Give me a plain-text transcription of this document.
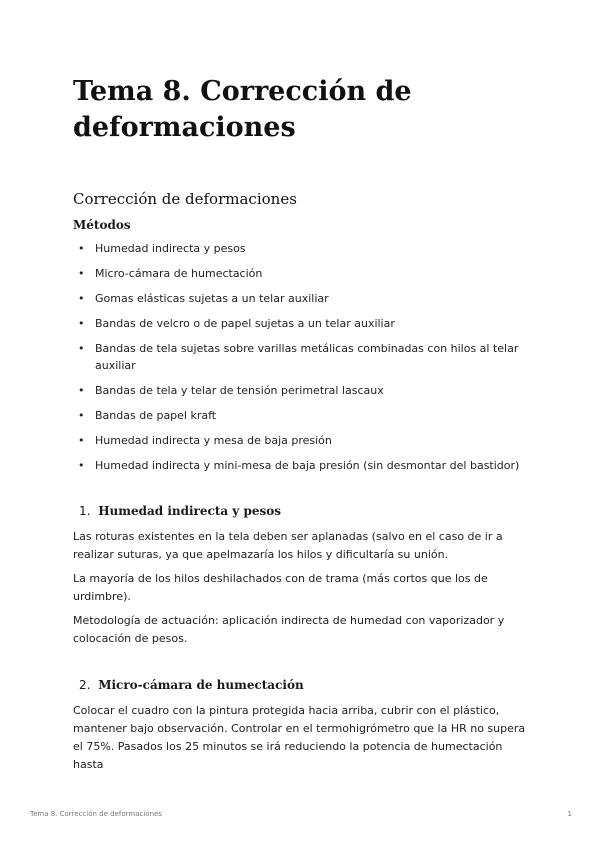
Tema 8. Corrección de deformaciones
Corrección de deformaciones
Métodos
• Humedad indirecta y pesos
• Micro-cámara de humectación
• Gomas elásticas sujetas a un telar auxiliar
• Bandas de velcro o de papel sujetas a un telar auxiliar
• Bandas de tela sujetas sobre varillas metálicas combinadas con hilos al telar auxiliar
• Bandas de tela y telar de tensión perimetral lascaux
• Bandas de papel kraft
• Humedad indirecta y mesa de baja presión
• Humedad indirecta y mini-mesa de baja presión (sin desmontar del bastidor)
1. Humedad indirecta y pesos

Las roturas existentes en la tela deben ser aplanadas (salvo en el caso de ir a realizar suturas, ya que apelmazaría los hilos y dificultaría su unión.

La mayoría de los hilos deshilachados con de trama (más cortos que los de urdimbre).

Metodología de actuación: aplicación indirecta de humedad con vaporizador y colocación de pesos.

2. Micro-cámara de humectación

Colocar el cuadro con la pintura protegida hacia arriba, cubrir con el plástico, mantener bajo observación. Controlar en el termohigrómetro que la HR no supera el 75%. Pasados los 25 minutos se irá reduciendo la potencia de humectación hasta

Tema 8. Corrección de deformaciones	1
